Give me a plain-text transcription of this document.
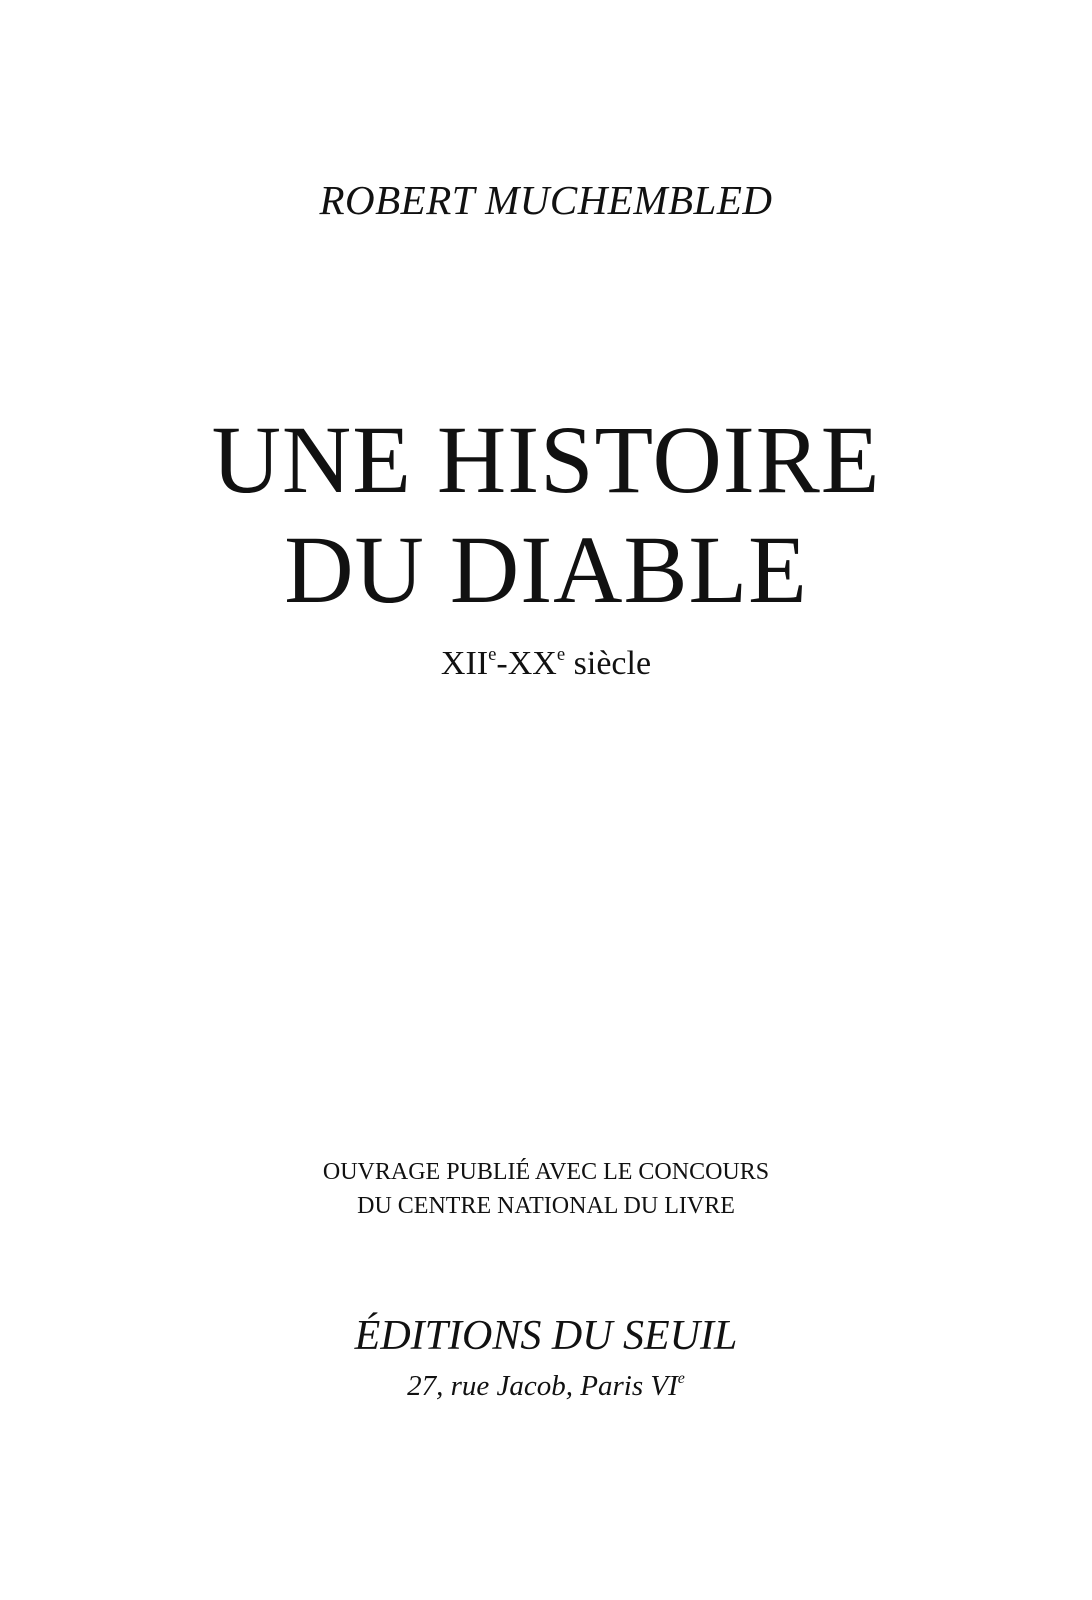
ROBERT MUCHEMBLED

UNE HISTOIRE

DU DIABLE

XIIe-XXe siècle

OUVRAGE PUBLIÉ AVEC LE CONCOURS

DU CENTRE NATIONAL DU LIVRE

ÉDITIONS DU SEUIL

27, rue Jacob, Paris VIe
